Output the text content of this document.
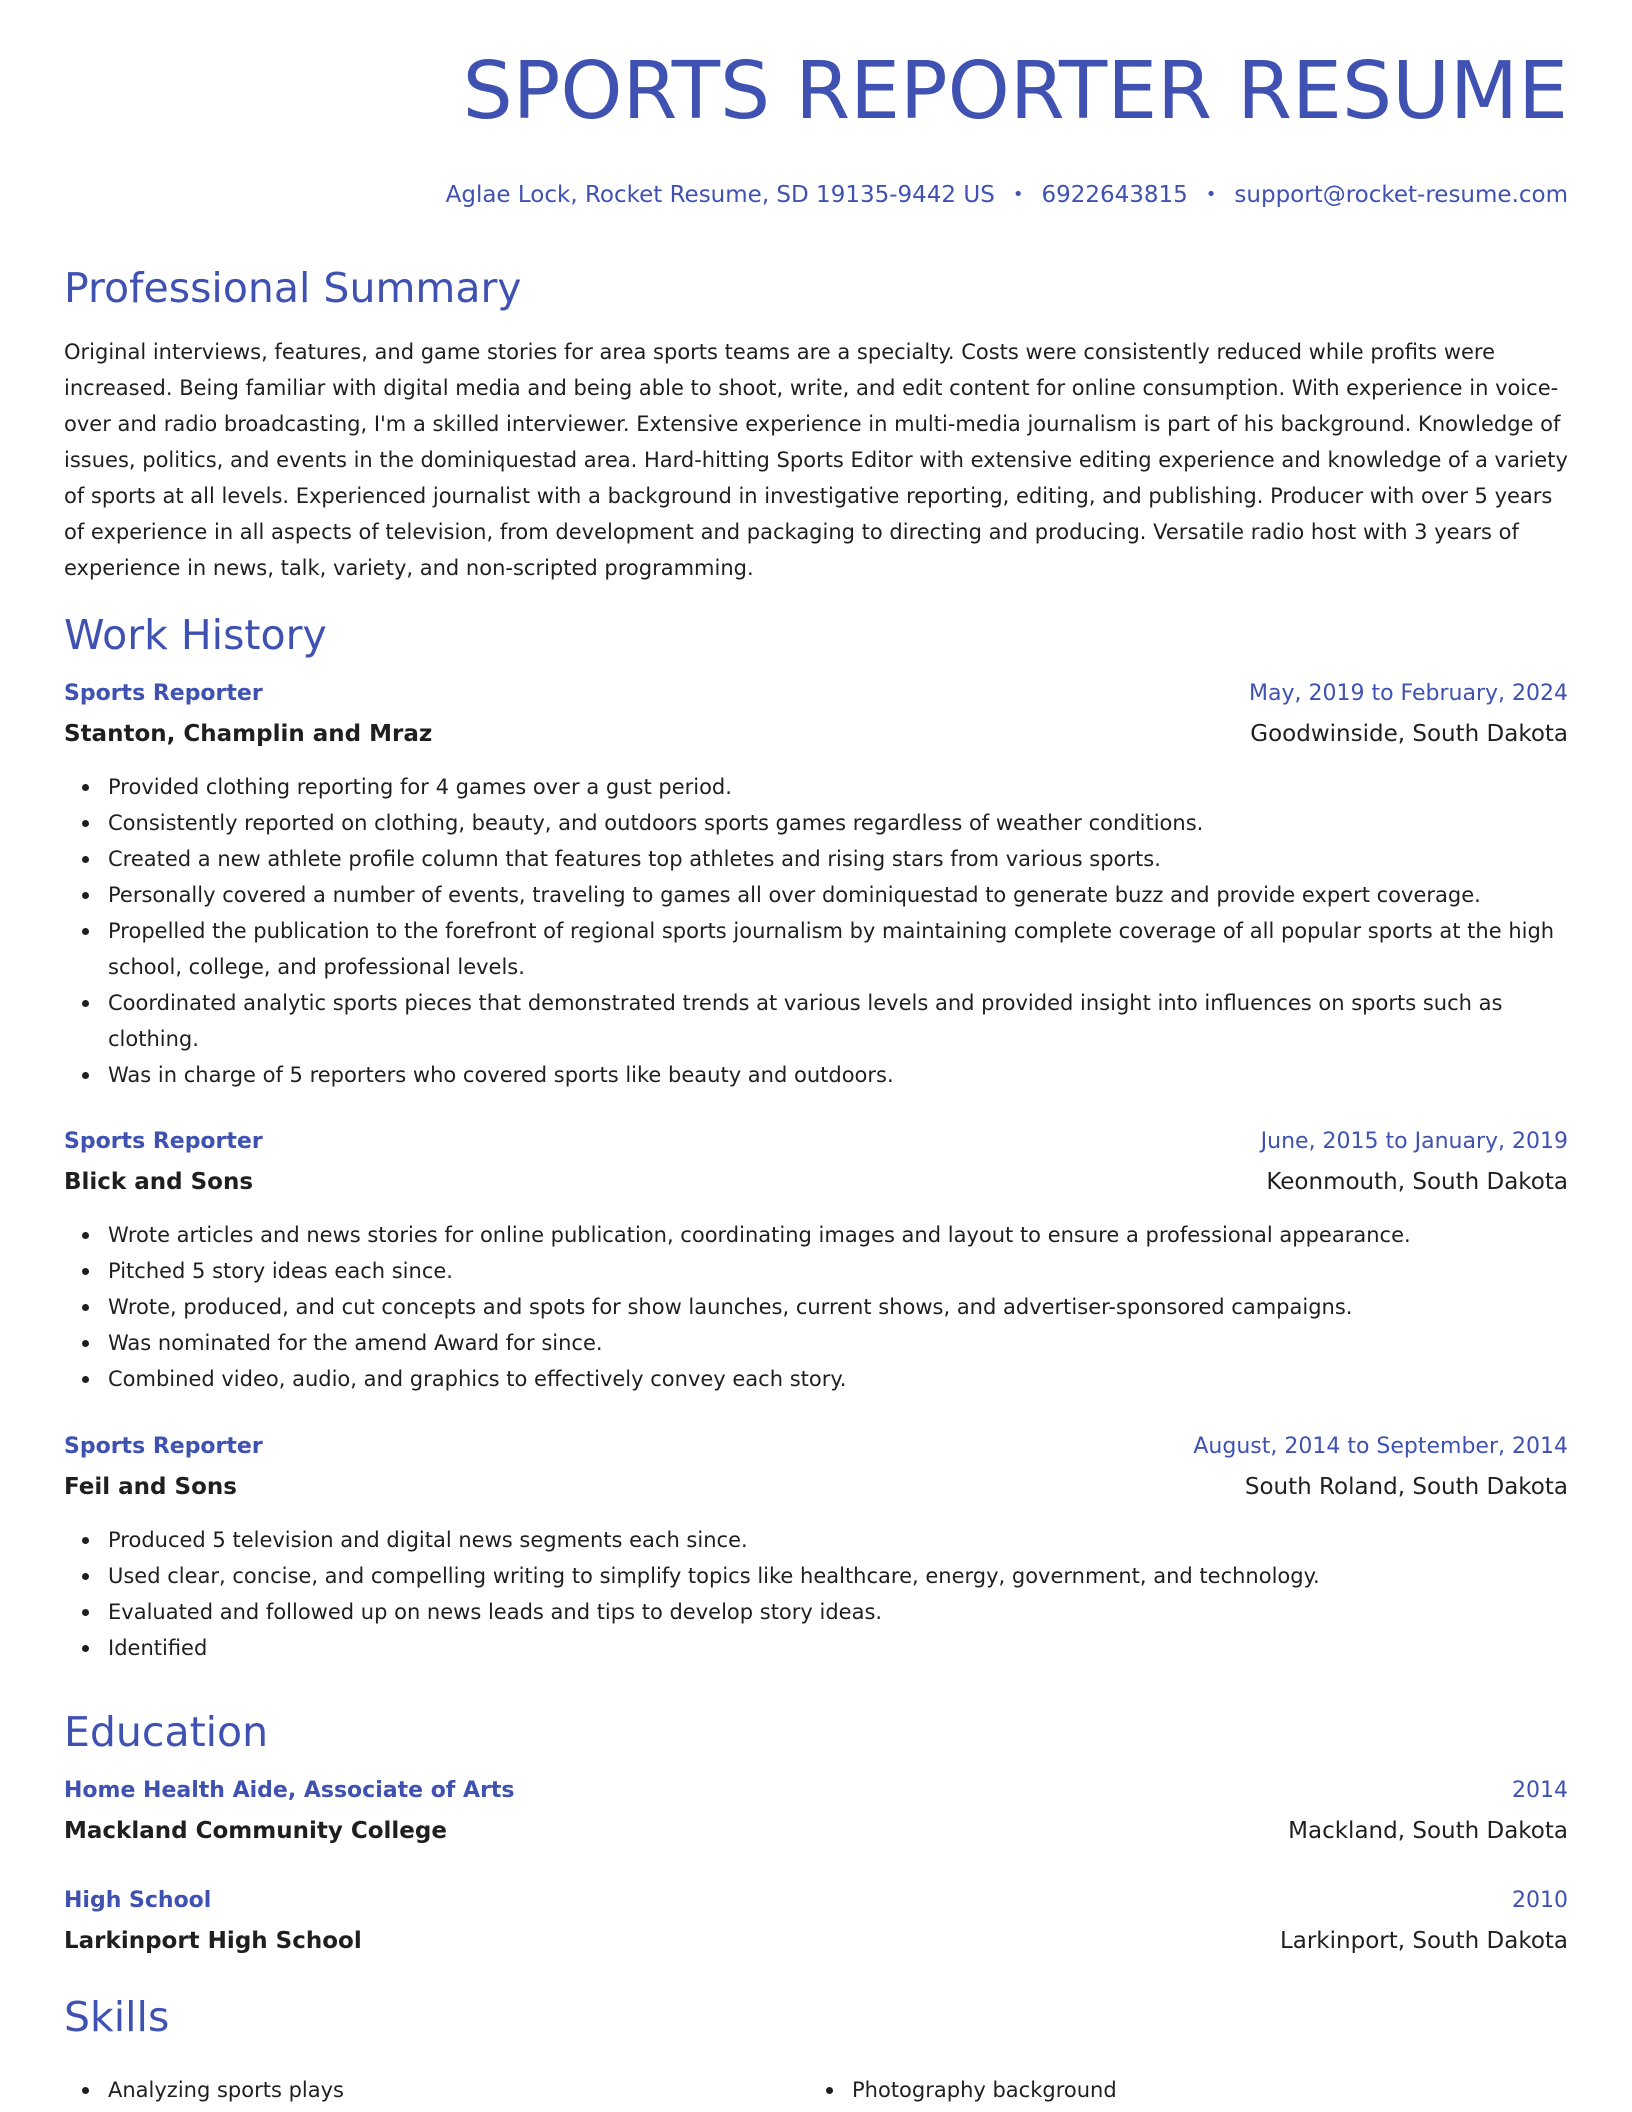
SPORTS REPORTER RESUME
Aglae Lock, Rocket Resume, SD 19135-9442 US • 6922643815 • support@rocket-resume.com
Professional Summary

Original interviews, features, and game stories for area sports teams are a specialty. Costs were consistently reduced while profits were increased. Being familiar with digital media and being able to shoot, write, and edit content for online consumption. With experience in voice-over and radio broadcasting, I'm a skilled interviewer. Extensive experience in multi-media journalism is part of his background. Knowledge of issues, politics, and events in the dominiquestad area. Hard-hitting Sports Editor with extensive editing experience and knowledge of a variety of sports at all levels. Experienced journalist with a background in investigative reporting, editing, and publishing. Producer with over 5 years of experience in all aspects of television, from development and packaging to directing and producing. Versatile radio host with 3 years of experience in news, talk, variety, and non-scripted programming.

Work History
Sports Reporter	May, 2019 to February, 2024
Stanton, Champlin and Mraz	Goodwinside, South Dakota
Provided clothing reporting for 4 games over a gust period.
Consistently reported on clothing, beauty, and outdoors sports games regardless of weather conditions.
Created a new athlete profile column that features top athletes and rising stars from various sports.
Personally covered a number of events, traveling to games all over dominiquestad to generate buzz and provide expert coverage.
Propelled the publication to the forefront of regional sports journalism by maintaining complete coverage of all popular sports at the high school, college, and professional levels.
Coordinated analytic sports pieces that demonstrated trends at various levels and provided insight into influences on sports such as clothing.
Was in charge of 5 reporters who covered sports like beauty and outdoors.
Sports Reporter	June, 2015 to January, 2019
Blick and Sons	Keonmouth, South Dakota
Wrote articles and news stories for online publication, coordinating images and layout to ensure a professional appearance.
Pitched 5 story ideas each since.
Wrote, produced, and cut concepts and spots for show launches, current shows, and advertiser-sponsored campaigns.
Was nominated for the amend Award for since.
Combined video, audio, and graphics to effectively convey each story.
Sports Reporter	August, 2014 to September, 2014
Feil and Sons	South Roland, South Dakota
Produced 5 television and digital news segments each since.
Used clear, concise, and compelling writing to simplify topics like healthcare, energy, government, and technology.
Evaluated and followed up on news leads and tips to develop story ideas.
Identified
Education
Home Health Aide, Associate of Arts	2014
Mackland Community College	Mackland, South Dakota
High School	2010
Larkinport High School	Larkinport, South Dakota
Skills
Analyzing sports plays	Photography background
